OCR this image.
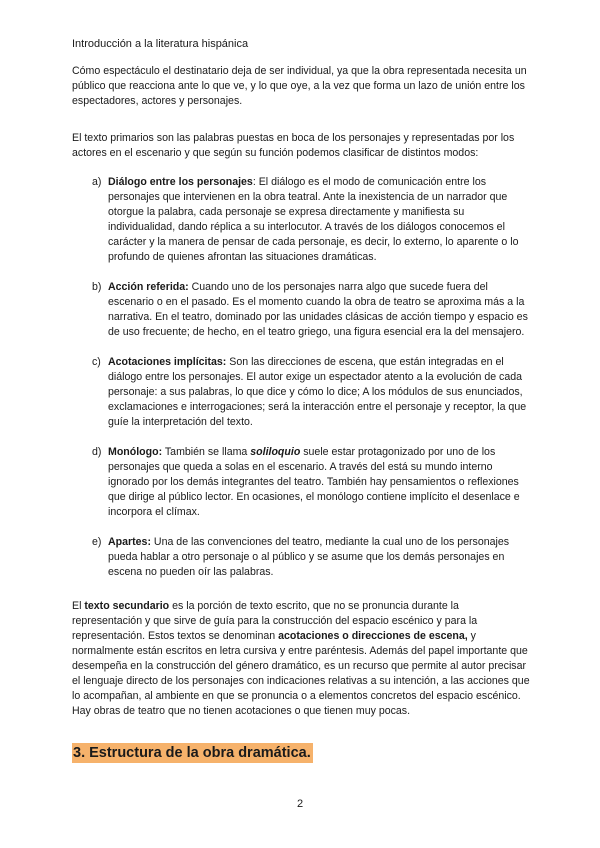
Introducción a la literatura hispánica

Cómo espectáculo el destinatario deja de ser individual, ya que la obra representada necesita un público que reacciona ante lo que ve, y lo que oye, a la vez que forma un lazo de unión entre los espectadores, actores y personajes.

El texto primarios son las palabras puestas en boca de los personajes y representadas por los actores en el escenario y que según su función podemos clasificar de distintos modos:

a) Diálogo entre los personajes: El diálogo es el modo de comunicación entre los personajes que intervienen en la obra teatral. Ante la inexistencia de un narrador que otorgue la palabra, cada personaje se expresa directamente y manifiesta su individualidad, dando réplica a su interlocutor. A través de los diálogos conocemos el carácter y la manera de pensar de cada personaje, es decir, lo externo, lo aparente o lo profundo de quienes afrontan las situaciones dramáticas.

b) Acción referida: Cuando uno de los personajes narra algo que sucede fuera del escenario o en el pasado. Es el momento cuando la obra de teatro se aproxima más a la narrativa. En el teatro, dominado por las unidades clásicas de acción tiempo y espacio es de uso frecuente; de hecho, en el teatro griego, una figura esencial era la del mensajero.

c) Acotaciones implícitas: Son las direcciones de escena, que están integradas en el diálogo entre los personajes. El autor exige un espectador atento a la evolución de cada personaje: a sus palabras, lo que dice y cómo lo dice; A los módulos de sus enunciados, exclamaciones e interrogaciones; será la interacción entre el personaje y receptor, la que guíe la interpretación del texto.

d) Monólogo: También se llama soliloquio suele estar protagonizado por uno de los personajes que queda a solas en el escenario. A través del está su mundo interno ignorado por los demás integrantes del teatro. También hay pensamientos o reflexiones que dirige al público lector. En ocasiones, el monólogo contiene implícito el desenlace e incorpora el clímax.

e) Apartes: Una de las convenciones del teatro, mediante la cual uno de los personajes pueda hablar a otro personaje o al público y se asume que los demás personajes en escena no pueden oír las palabras.

El texto secundario es la porción de texto escrito, que no se pronuncia durante la representación y que sirve de guía para la construcción del espacio escénico y para la representación. Estos textos se denominan acotaciones o direcciones de escena, y normalmente están escritos en letra cursiva y entre paréntesis. Además del papel importante que desempeña en la construcción del género dramático, es un recurso que permite al autor precisar el lenguaje directo de los personajes con indicaciones relativas a su intención, a las acciones que lo acompañan, al ambiente en que se pronuncia o a elementos concretos del espacio escénico. Hay obras de teatro que no tienen acotaciones o que tienen muy pocas.

3. Estructura de la obra dramática.
2
